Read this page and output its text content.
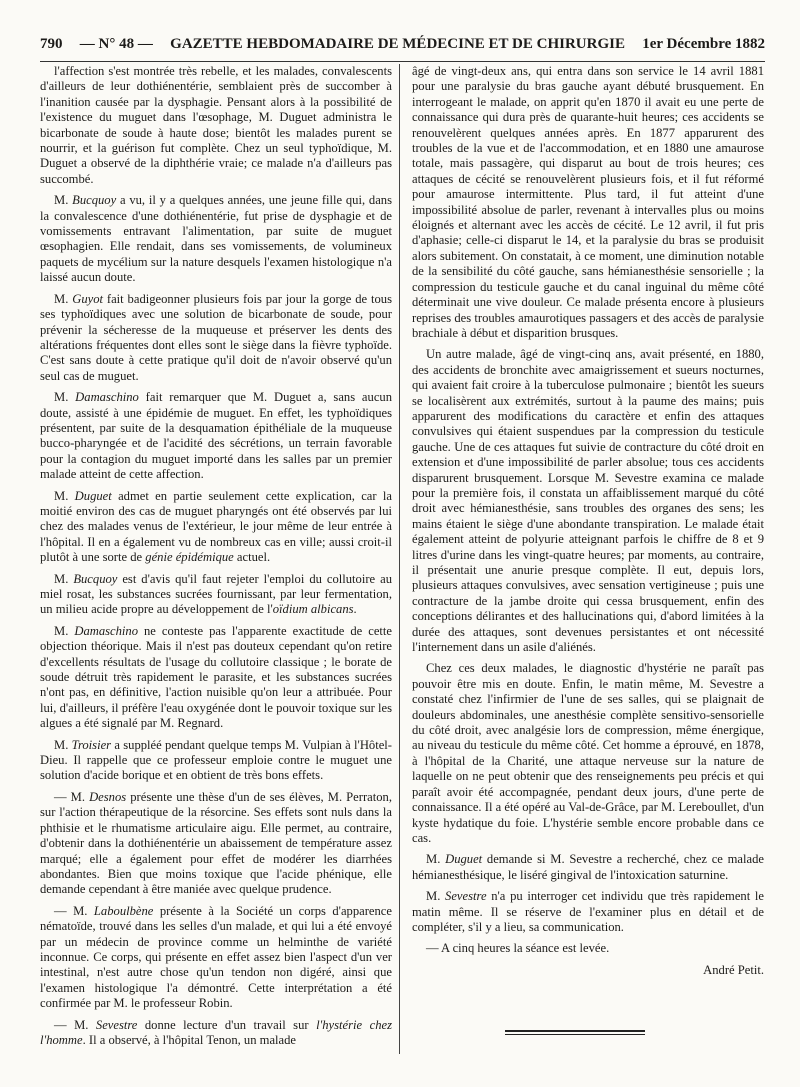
790 — N° 48 — GAZETTE HEBDOMADAIRE DE MÉDECINE ET DE CHIRURGIE 1er Décembre 1882

l'affection s'est montrée très rebelle, et les malades, convalescents d'ailleurs de leur dothiénentérie, semblaient près de succomber à l'inanition causée par la dysphagie. Pensant alors à la possibilité de l'existence du muguet dans l'œsophage, M. Duguet administra le bicarbonate de soude à haute dose; bientôt les malades purent se nourrir, et la guérison fut complète. Chez un seul typhoïdique, M. Duguet a observé de la diphthérie vraie; ce malade n'a d'ailleurs pas succombé.

M. Bucquoy a vu, il y a quelques années, une jeune fille qui, dans la convalescence d'une dothiénentérie, fut prise de dysphagie et de vomissements entravant l'alimentation, par suite de muguet œsophagien. Elle rendait, dans ses vomissements, de volumineux paquets de mycélium sur la nature desquels l'examen histologique n'a laissé aucun doute.

M. Guyot fait badigeonner plusieurs fois par jour la gorge de tous ses typhoïdiques avec une solution de bicarbonate de soude, pour prévenir la sécheresse de la muqueuse et préserver les dents des altérations fréquentes dont elles sont le siège dans la fièvre typhoïde. C'est sans doute à cette pratique qu'il doit de n'avoir observé qu'un seul cas de muguet.

M. Damaschino fait remarquer que M. Duguet a, sans aucun doute, assisté à une épidémie de muguet. En effet, les typhoïdiques présentent, par suite de la desquamation épithéliale de la muqueuse bucco-pharyngée et de l'acidité des sécrétions, un terrain favorable pour la contagion du muguet importé dans les salles par un premier malade atteint de cette affection.

M. Duguet admet en partie seulement cette explication, car la moitié environ des cas de muguet pharyngés ont été observés par lui chez des malades venus de l'extérieur, le jour même de leur entrée à l'hôpital. Il en a également vu de nombreux cas en ville; aussi croit-il plutôt à une sorte de génie épidémique actuel.

M. Bucquoy est d'avis qu'il faut rejeter l'emploi du collutoire au miel rosat, les substances sucrées fournissant, par leur fermentation, un milieu acide propre au développement de l'oïdium albicans.

M. Damaschino ne conteste pas l'apparente exactitude de cette objection théorique. Mais il n'est pas douteux cependant qu'on retire d'excellents résultats de l'usage du collutoire classique ; le borate de soude détruit très rapidement le parasite, et les substances sucrées n'ont pas, en définitive, l'action nuisible qu'on leur a attribuée. Pour lui, d'ailleurs, il préfère l'eau oxygénée dont le pouvoir toxique sur les algues a été signalé par M. Regnard.

M. Troisier a suppléé pendant quelque temps M. Vulpian à l'Hôtel-Dieu. Il rappelle que ce professeur emploie contre le muguet une solution d'acide borique et en obtient de très bons effets.

— M. Desnos présente une thèse d'un de ses élèves, M. Perraton, sur l'action thérapeutique de la résorcine. Ses effets sont nuls dans la phthisie et le rhumatisme articulaire aigu. Elle permet, au contraire, d'obtenir dans la dothiénentérie un abaissement de température assez marqué; elle a également pour effet de modérer les diarrhées abondantes. Bien que moins toxique que l'acide phénique, elle demande cependant à être maniée avec quelque prudence.

— M. Laboulbène présente à la Société un corps d'apparence nématoïde, trouvé dans les selles d'un malade, et qui lui a été envoyé par un médecin de province comme un helminthe de variété inconnue. Ce corps, qui présente en effet assez bien l'aspect d'un ver intestinal, n'est autre chose qu'un tendon non digéré, ainsi que l'examen histologique l'a démontré. Cette interprétation a été confirmée par M. le professeur Robin.

— M. Sevestre donne lecture d'un travail sur l'hystérie chez l'homme. Il a observé, à l'hôpital Tenon, un malade

âgé de vingt-deux ans, qui entra dans son service le 14 avril 1881 pour une paralysie du bras gauche ayant débuté brusquement. En interrogeant le malade, on apprit qu'en 1870 il avait eu une perte de connaissance qui dura près de quarante-huit heures; ces accidents se renouvelèrent quelques années après. En 1877 apparurent des troubles de la vue et de l'accommodation, et en 1880 une amaurose totale, mais passagère, qui disparut au bout de trois heures; ces attaques de cécité se renouvelèrent plusieurs fois, et il fut réformé pour amaurose intermittente. Plus tard, il fut atteint d'une impossibilité absolue de parler, revenant à intervalles plus ou moins éloignés et alternant avec les accès de cécité. Le 12 avril, il fut pris d'aphasie; celle-ci disparut le 14, et la paralysie du bras se produisit alors subitement. On constatait, à ce moment, une diminution notable de la sensibilité du côté gauche, sans hémianesthésie sensorielle ; la compression du testicule gauche et du canal inguinal du même côté déterminait une vive douleur. Ce malade présenta encore à plusieurs reprises des troubles amaurotiques passagers et des accès de paralysie brachiale à début et disparition brusques.

Un autre malade, âgé de vingt-cinq ans, avait présenté, en 1880, des accidents de bronchite avec amaigrissement et sueurs nocturnes, qui avaient fait croire à la tuberculose pulmonaire ; bientôt les sueurs se localisèrent aux extrémités, surtout à la paume des mains; puis apparurent des modifications du caractère et enfin des attaques convulsives qui étaient suspendues par la compression du testicule gauche. Une de ces attaques fut suivie de contracture du côté droit en extension et d'une impossibilité de parler absolue; tous ces accidents disparurent brusquement. Lorsque M. Sevestre examina ce malade pour la première fois, il constata un affaiblissement marqué du côté droit avec hémianesthésie, sans troubles des organes des sens; les mains étaient le siège d'une abondante transpiration. Le malade était également atteint de polyurie atteignant parfois le chiffre de 8 et 9 litres d'urine dans les vingt-quatre heures; par moments, au contraire, il présentait une anurie presque complète. Il eut, depuis lors, plusieurs attaques convulsives, avec sensation vertigineuse ; puis une contracture de la jambe droite qui cessa brusquement, enfin des conceptions délirantes et des hallucinations qui, d'abord limitées à la durée des attaques, sont devenues persistantes et ont nécessité l'internement dans un asile d'aliénés.

Chez ces deux malades, le diagnostic d'hystérie ne paraît pas pouvoir être mis en doute. Enfin, le matin même, M. Sevestre a constaté chez l'infirmier de l'une de ses salles, qui se plaignait de douleurs abdominales, une anesthésie complète sensitivo-sensorielle du côté droit, avec analgésie lors de compression, même énergique, au niveau du testicule du même côté. Cet homme a éprouvé, en 1878, à l'hôpital de la Charité, une attaque nerveuse sur la nature de laquelle on ne peut obtenir que des renseignements peu précis et qui paraît avoir été accompagnée, pendant deux jours, d'une perte de connaissance. Il a été opéré au Val-de-Grâce, par M. Lereboullet, d'un kyste hydatique du foie. L'hystérie semble encore probable dans ce cas.

M. Duguet demande si M. Sevestre a recherché, chez ce malade hémianesthésique, le liséré gingival de l'intoxication saturnine.

M. Sevestre n'a pu interroger cet individu que très rapidement le matin même. Il se réserve de l'examiner plus en détail et de compléter, s'il y a lieu, sa communication.

— A cinq heures la séance est levée.

André Petit.
